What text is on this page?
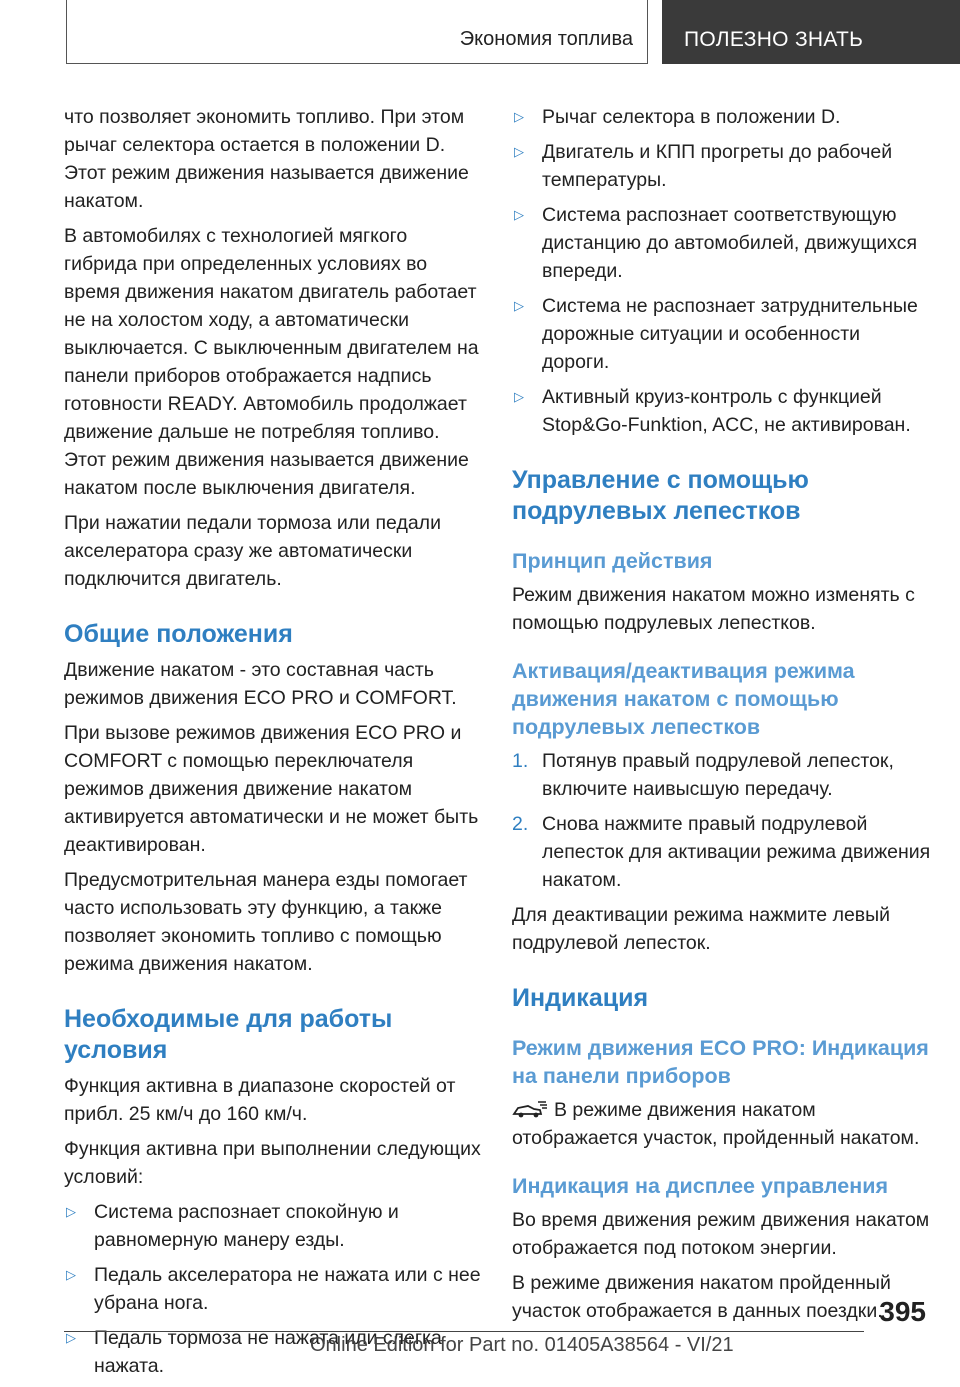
Экономия топлива ПОЛЕЗНО ЗНАТЬ

что позволяет экономить топливо. При этом рычаг селектора остается в положении D. Этот режим движения называется движение накатом.

В автомобилях с технологией мягкого гибрида при определенных условиях во время движения накатом двигатель работает не на холостом ходу, а автоматически выключается. С выключенным двигателем на панели приборов отображается надпись готовности READY. Автомобиль продолжает движение дальше не потребляя топливо. Этот режим движения называется движение накатом после выключения двигателя.

При нажатии педали тормоза или педали акселератора сразу же автоматически подключится двигатель.

Общие положения

Движение накатом - это составная часть режимов движения ECO PRO и COMFORT.

При вызове режимов движения ECO PRO и COMFORT с помощью переключателя режимов движения движение накатом активируется автоматически и не может быть деактивирован.

Предусмотрительная манера езды помогает часто использовать эту функцию, а также позволяет экономить топливо с помощью режима движения накатом.

Необходимые для работы условия

Функция активна в диапазоне скоростей от прибл. 25 км/ч до 160 км/ч.

Функция активна при выполнении следующих условий:

▷ Система распознает спокойную и равномерную манеру езды.
▷ Педаль акселератора не нажата или с нее убрана нога.
▷ Педаль тормоза не нажата или слегка нажата.
▷ Рычаг селектора в положении D.
▷ Двигатель и КПП прогреты до рабочей температуры.
▷ Система распознает соответствующую дистанцию до автомобилей, движущихся впереди.
▷ Система не распознает затруднительные дорожные ситуации и особенности дороги.
▷ Активный круиз-контроль с функцией Stop&Go-Funktion, ACC, не активирован.
Управление с помощью подрулевых лепестков
Принцип действия

Режим движения накатом можно изменять с помощью подрулевых лепестков.

Активация/деактивация режима движения накатом с помощью подрулевых лепестков
1. Потянув правый подрулевой лепесток, включите наивысшую передачу.
2. Снова нажмите правый подрулевой лепесток для активации режима движения накатом.

Для деактивации режима нажмите левый подрулевой лепесток.

Индикация
Режим движения ECO PRO: Индикация на панели приборов

В режиме движения накатом отображается участок, пройденный накатом.

Индикация на дисплее управления

Во время движения режим движения накатом отображается под потоком энергии.

В режиме движения накатом пройденный участок отображается в данных поездки.

395
Online Edition for Part no. 01405A38564 - VI/21
